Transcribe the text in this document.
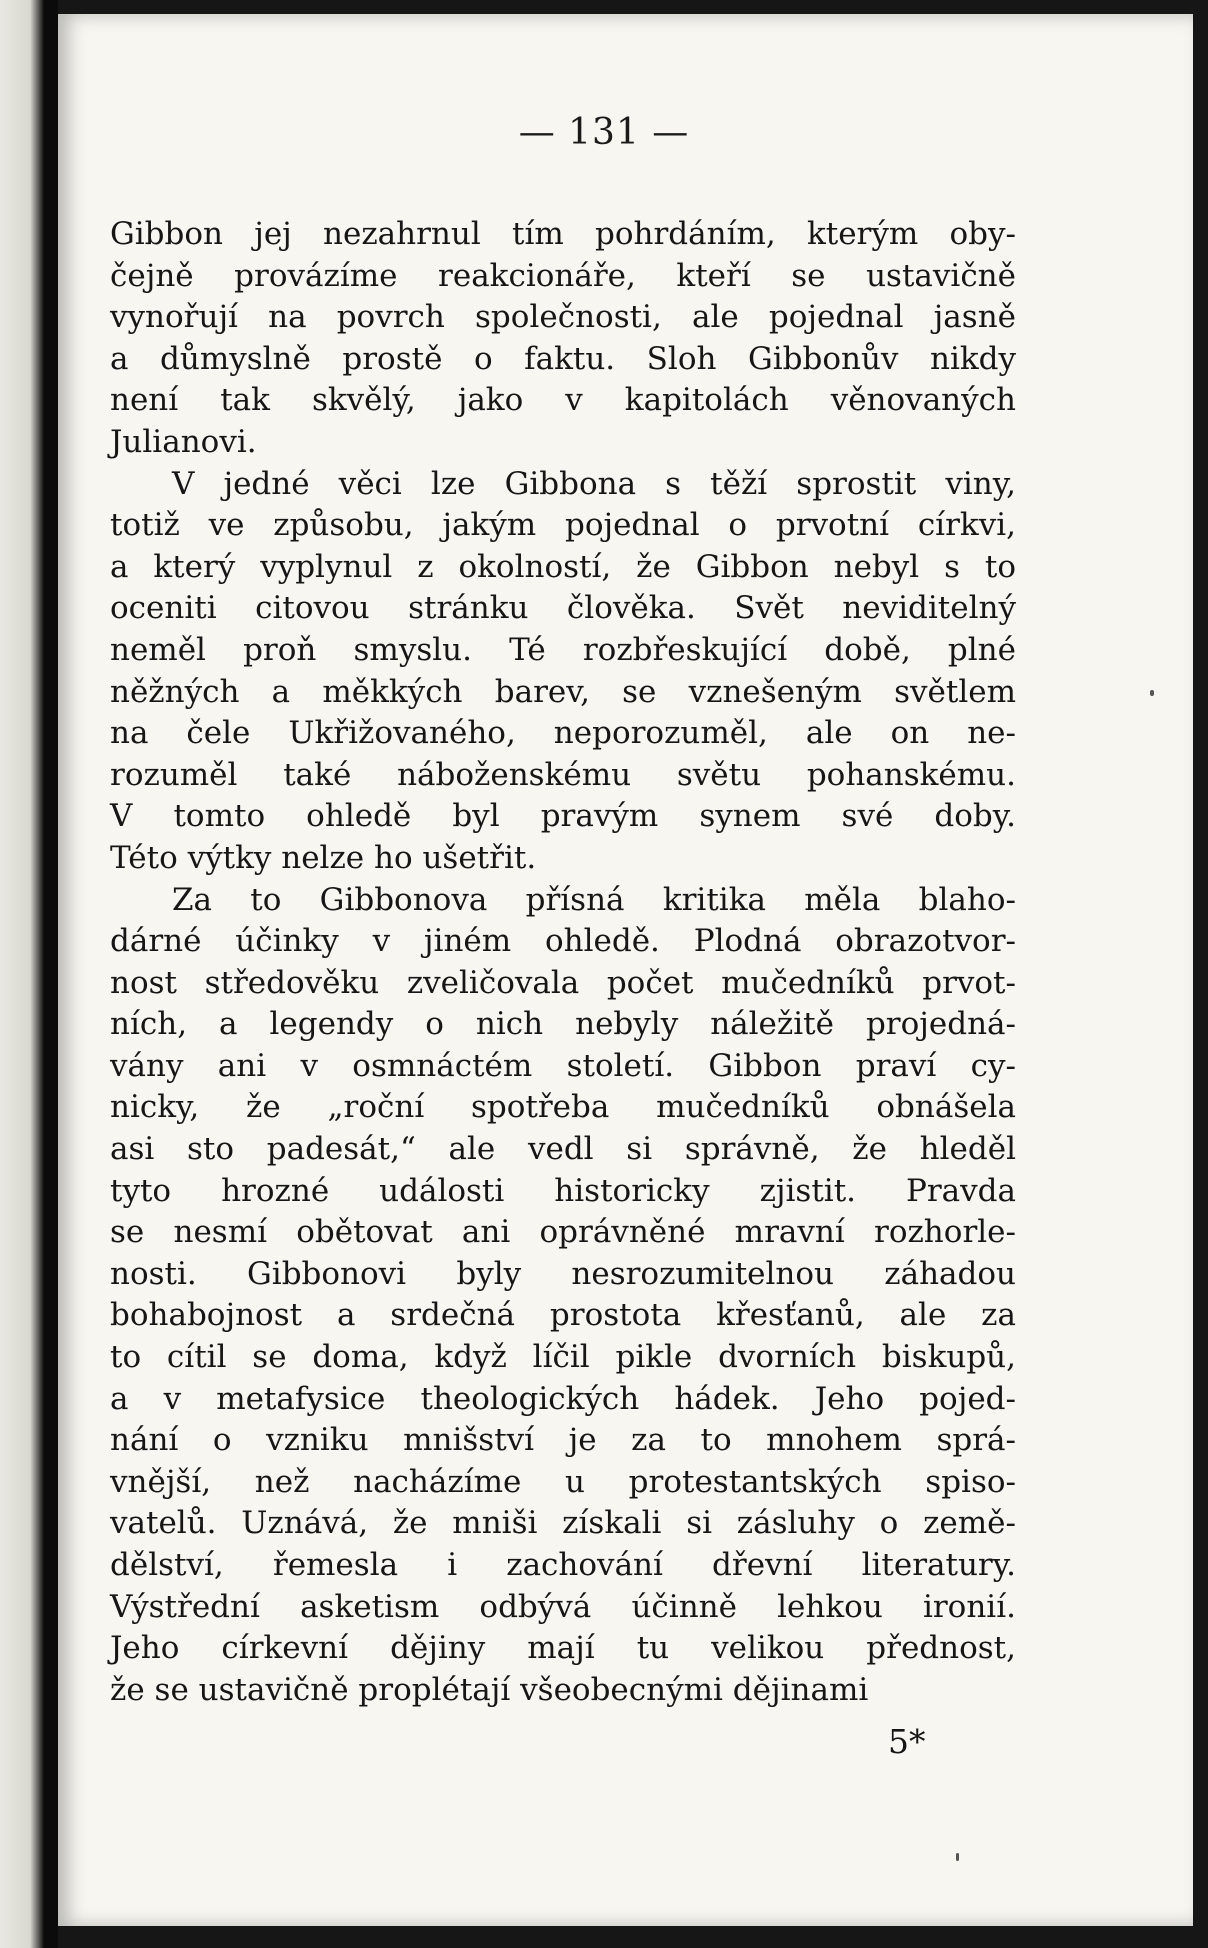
— 131 —
Gibbon jej nezahrnul tím pohrdáním, kterým oby-
čejně provázíme reakcionáře, kteří se ustavičně
vynořují na povrch společnosti, ale pojednal jasně
a důmyslně prostě o faktu. Sloh Gibbonův nikdy
není tak skvělý, jako v kapitolách věnovaných
Julianovi.
V jedné věci lze Gibbona s těží sprostit viny,
totiž ve způsobu, jakým pojednal o prvotní církvi,
a který vyplynul z okolností, že Gibbon nebyl s to
oceniti citovou stránku člověka. Svět neviditelný
neměl proň smyslu. Té rozbřeskující době, plné
něžných a měkkých barev, se vznešeným světlem
na čele Ukřižovaného, neporozuměl, ale on ne-
rozuměl také náboženskému světu pohanskému.
V tomto ohledě byl pravým synem své doby.
Této výtky nelze ho ušetřit.
Za to Gibbonova přísná kritika měla blaho-
dárné účinky v jiném ohledě. Plodná obrazotvor-
nost středověku zveličovala počet mučedníků prvot-
ních, a legendy o nich nebyly náležitě projedná-
vány ani v osmnáctém století. Gibbon praví cy-
nicky, že „roční spotřeba mučedníků obnášela
asi sto padesát,“ ale vedl si správně, že hleděl
tyto hrozné události historicky zjistit. Pravda
se nesmí obětovat ani oprávněné mravní rozhorle-
nosti. Gibbonovi byly nesrozumitelnou záhadou
bohabojnost a srdečná prostota křesťanů, ale za
to cítil se doma, když líčil pikle dvorních biskupů,
a v metafysice theologických hádek. Jeho pojed-
nání o vzniku mnišství je za to mnohem sprá-
vnější, než nacházíme u protestantských spiso-
vatelů. Uznává, že mniši získali si zásluhy o země-
dělství, řemesla i zachování dřevní literatury.
Výstřední asketism odbývá účinně lehkou ironií.
Jeho církevní dějiny mají tu velikou přednost,
že se ustavičně proplétají všeobecnými dějinami
5*
